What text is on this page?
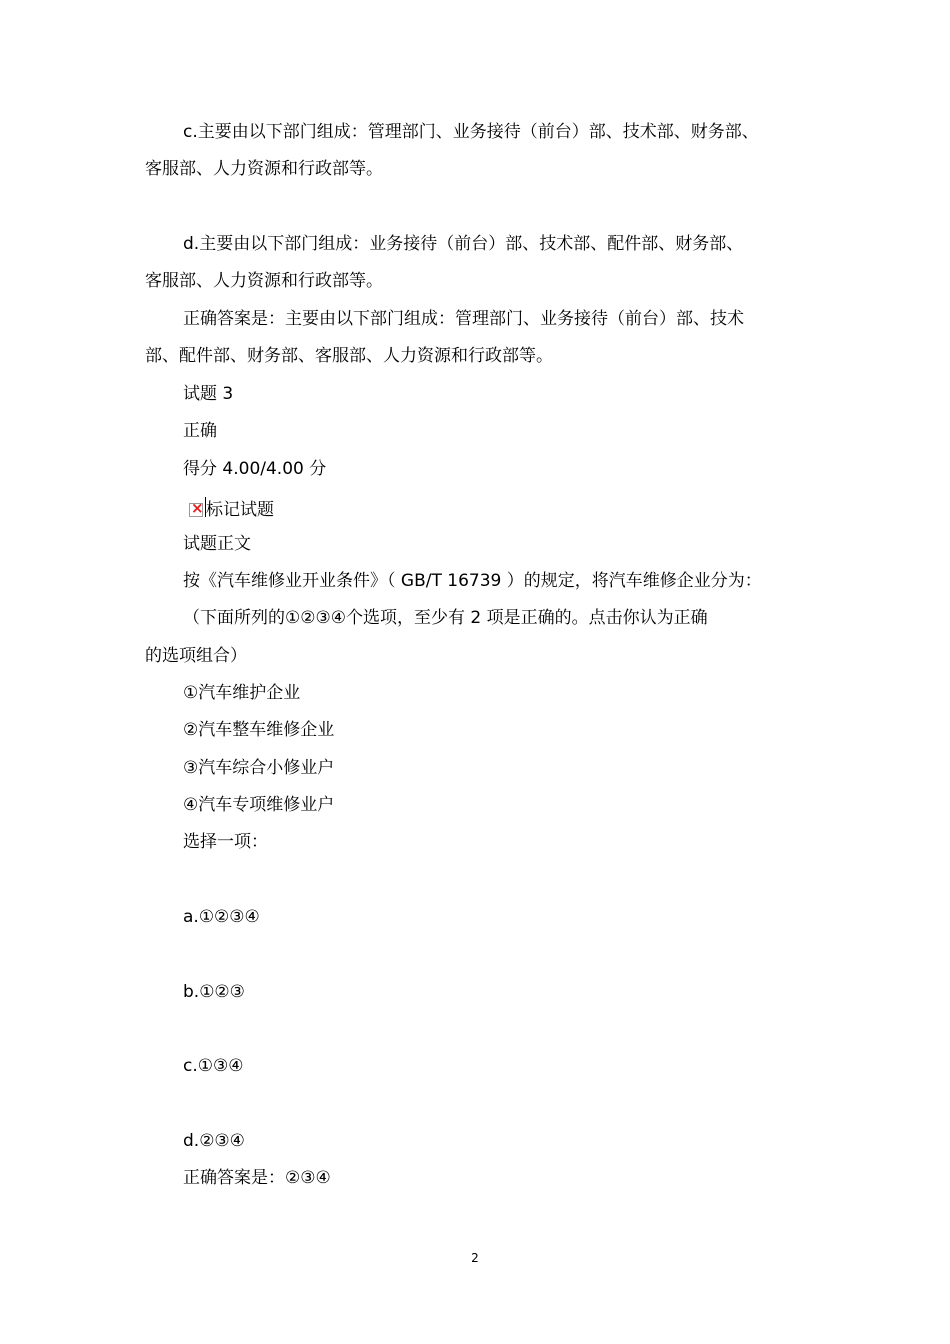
c.主要由以下部门组成：管理部门、业务接待（前台）部、技术部、财务部、
客服部、人力资源和行政部等。
d.主要由以下部门组成：业务接待（前台）部、技术部、配件部、财务部、
客服部、人力资源和行政部等。
正确答案是：主要由以下部门组成：管理部门、业务接待（前台）部、技术
部、配件部、财务部、客服部、人力资源和行政部等。
试题 3
正确
得分 4.00/4.00 分
×
标记试题
试题正文
按《汽车维修业开业条件》（ GB/T 16739 ）的规定，将汽车维修企业分为：
（下面所列的①②③④个选项，至少有 2 项是正确的。点击你认为正确
的选项组合）
①汽车维护企业
②汽车整车维修企业
③汽车综合小修业户
④汽车专项维修业户
选择一项：
a.①②③④
b.①②③
c.①③④
d.②③④
正确答案是：②③④
2
